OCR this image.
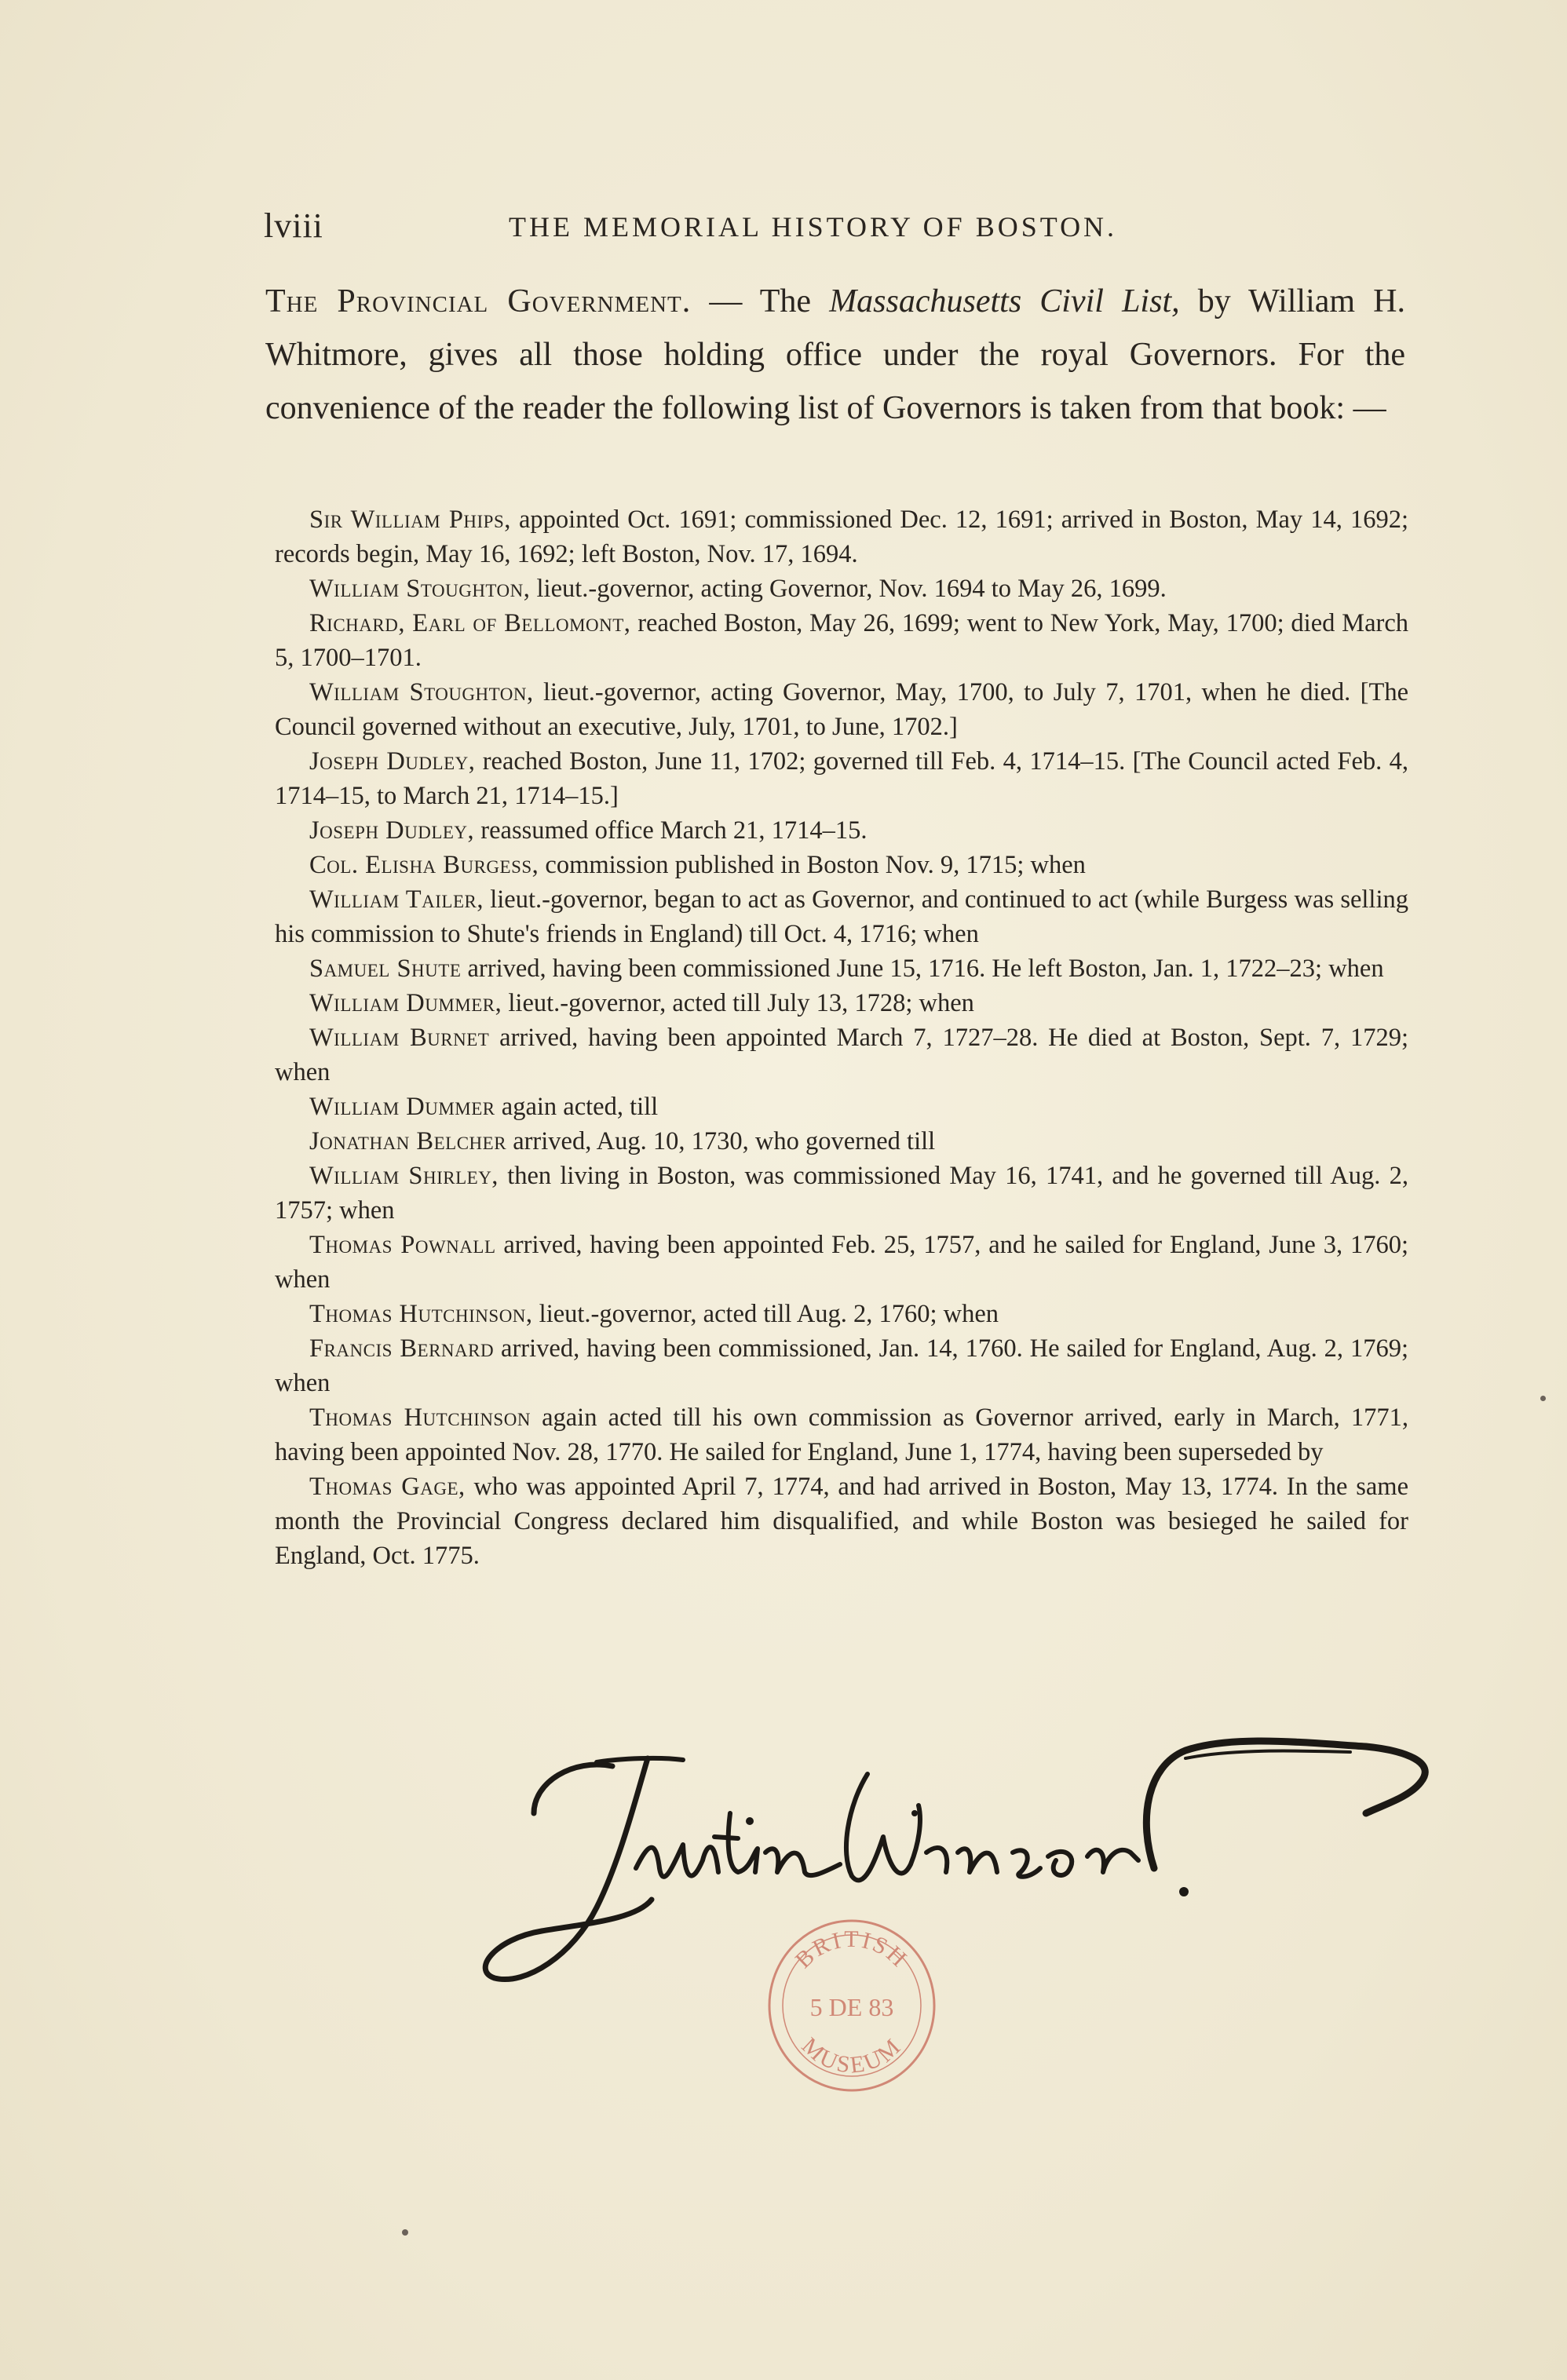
lviii	THE MEMORIAL HISTORY OF BOSTON.
The Provincial Government. — The Massachusetts Civil List, by William H. Whitmore, gives all those holding office under the royal Governors. For the convenience of the reader the following list of Governors is taken from that book: —

Sir William Phips, appointed Oct. 1691; commissioned Dec. 12, 1691; arrived in Boston, May 14, 1692; records begin, May 16, 1692; left Boston, Nov. 17, 1694.

William Stoughton, lieut.-governor, acting Governor, Nov. 1694 to May 26, 1699.

Richard, Earl of Bellomont, reached Boston, May 26, 1699; went to New York, May, 1700; died March 5, 1700–1701.

William Stoughton, lieut.-governor, acting Governor, May, 1700, to July 7, 1701, when he died. [The Council governed without an executive, July, 1701, to June, 1702.]

Joseph Dudley, reached Boston, June 11, 1702; governed till Feb. 4, 1714–15. [The Council acted Feb. 4, 1714–15, to March 21, 1714–15.]

Joseph Dudley, reassumed office March 21, 1714–15.

Col. Elisha Burgess, commission published in Boston Nov. 9, 1715; when

William Tailer, lieut.-governor, began to act as Governor, and continued to act (while Burgess was selling his commission to Shute's friends in England) till Oct. 4, 1716; when

Samuel Shute arrived, having been commissioned June 15, 1716. He left Boston, Jan. 1, 1722–23; when

William Dummer, lieut.-governor, acted till July 13, 1728; when

William Burnet arrived, having been appointed March 7, 1727–28. He died at Boston, Sept. 7, 1729; when

William Dummer again acted, till

Jonathan Belcher arrived, Aug. 10, 1730, who governed till

William Shirley, then living in Boston, was commissioned May 16, 1741, and he governed till Aug. 2, 1757; when

Thomas Pownall arrived, having been appointed Feb. 25, 1757, and he sailed for England, June 3, 1760; when

Thomas Hutchinson, lieut.-governor, acted till Aug. 2, 1760; when

Francis Bernard arrived, having been commissioned, Jan. 14, 1760. He sailed for England, Aug. 2, 1769; when

Thomas Hutchinson again acted till his own commission as Governor arrived, early in March, 1771, having been appointed Nov. 28, 1770. He sailed for England, June 1, 1774, having been superseded by

Thomas Gage, who was appointed April 7, 1774, and had arrived in Boston, May 13, 1774. In the same month the Provincial Congress declared him disqualified, and while Boston was besieged he sailed for England, Oct. 1775.

BRITISH
5 DE 83
MUSEUM
